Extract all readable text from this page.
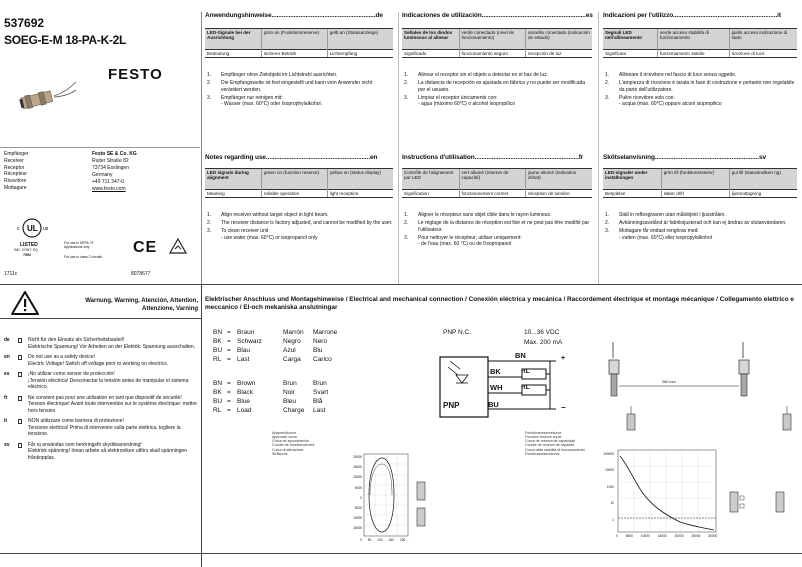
537692
SOEG-E-M 18-PA-K-2L
FESTO
Empfänger
Receiver
Receptor
Récepteur
Ricevitore
Mottagare
Festo SE & Co. KG
Ruiter Straße 82
73734 Esslingen
Germany
+49 711 347-0
www.festo.com
UL
c	us
LISTED
IND. CONT. EQ.
7992
For use in NFPA 79 Applications only
For use in class 2 circuits
CE
1711c	8078677
Anwendungshinweise.............................................................de
LED-Signale bei der Ausrichtung	grün an (Funktionsreserve)	gelb an (Statusanzeige)
Bedeutung	sicherer Betrieb	Lichtempfang
1.	Empfänger ohne Zielobjekt im Lichtstrahl ausrichten.
2.	Die Empfangsweite ist fest eingestellt und kann vom Anwender nicht verändert werden.
3.	Empfänger nur reinigen mit:
- Wasser (max. 60°C) oder Isoprophylalkohol.
Indicaciones de utilización.............................................................es
Señales de los diodos luminosos al alinear	verde conectado (nivel de funcionamiento)	amarillo conectado (indicación de estado)
Significado	funcionamiento seguro	recepción de luz
1.	Alinear el receptor sin el objeto a detectar en el haz de luz.
2.	La distancia de recepción es ajustada en fábrica y no puede ser modificada por el usuario.
3.	Limpiar el receptor únicamente con:
- agua (máximo 60°C) o alcohol isopropílico
Indicazioni per l'utilizzo.............................................................it
Segnali LED nell'allineamento	verde acceso stabilità di funzionamento	giallo acceso indicazione di stato
Significato	funzionamento stabile	ricezione di luce
1.	Allineare il ricevitore nel fascio di luce senza oggetto.
2.	L'ampiezza di ricezione è tarata in fase di costruzione e pertanto non regolabile da parte dell'utilizzatore.
3.	Pulire ricevitore solo con:
- acqua (max. 60°C) oppure alcool isopropilico
Notes regarding use.............................................................en
LED signals during alignment	green on (function reserve)	yellow on (status display)
Meaning	reliable operation	light reception
1.	Align receiver without target object in light beam.
2.	The receiver distance is factory adjusted, and cannot be modified by the user.
3.	To clean receiver unit
- use water (max. 60°C) or isopropanol only
Instructions d'utilisation.............................................................fr
Contrôle de l'alignement par LED	vert allumé (réserve de capacité)	jaune allumé (indication d'état)
Signification	fonctionnement correct	réception de lumière
1.	Aligner le récepteur sans objet cible dans le rayon lumineux.
2.	Le réglage de la distance de réception est fixé et ne peut pas être modifié par l'utilisateur.
3.	Pour nettoyer le récepteur, utiliser uniquement:
- de l'eau (max. 60 °C) ou de l'isopropanol
Skötselanvisning.............................................................sv
LED-signaler under inställningen	grön till (funktionsreserv)	gul till (statusindikeri ng)
Betydelse	säker drift	ljusmottagning
1.	Ställ in reflexgivaren utan målobjekt i ljusstrålen.
2.	Avkänningsavstånd är fabriksjusterad och kan ej ändras av slutanvändaren.
3.	Mottagare får endast rengöras med:
- vatten (max. 60°C) eller isopropylalkohol
Warnung, Warning, Atención, Attention, Attenzione, Varning
de	Nicht für den Einsatz als Sicherheitsbauteil!
Elektrische Spannung! Vor Arbeiten an der Elektrik: Spannung ausschalten.
en	Do not use as a safety device!
Electric Voltage! Switch off voltage prior to working on electrics.
es	¡No utilizar como sensor de protección!
¡Tensión eléctrica! Desconectar la tensión antes de manipular el sistema eléctrico.
fr	Ne convient pas pour une utilisation en tant que dispositif de sécurité! Tension électrique! Avant toute intervention sur le système électrique: mettre hors tension.
it	NON utilizzare come barriera di protezione!
Tensione elettrica! Prima di intervenire sulla parte elettrica, togliere la tensione.
sv	Får ej användas som beröringsfri skyddsanordning!
Elektrisk spänning! Innan arbete så elektroniken utförs skall spänningen frånkopplas.
Elektrischer Anschluss und Montagehinweise / Electrical and mechanical connection / Conexión eléctrica y mecánica / Raccordement électrique et montage mécanique / Collegamento elettrico e meccanico / El-och mekaniska anslutningar
BN = Braun	Marrón Marrone
BK = Schwarz	Negro Nero
BU = Blau	Azul	Blu
RL = Last	Carga Carico
BN = Brown	Brun	Brun
BK = Black	Noir	Svart
BU = Blue	Bleu	Blå
RL = Load	Charge Last
PNP N.C.	10...36 VDC
Max. 200 mA
BN
BK
WH
BU
RL
RL
+
−
PNP
260 mm
Ansprechkurve
Approach curve
Curva de aproximación
Courbe de fonctionnement
Curva di attivazione
Stråkurva
20000
15000
10000
5000
0
5000
10000
15000
0 50 100 150 200
Funktionsreservekurve
Function reserve curve
Curva de reserva de capacidad
Courbe de réserve de capacité
Curva della stabilità di funzionamento
Funktionsreservkurva	100000
10000
1000
10
1
0	5000	10000	15000	20000	25000	30000
